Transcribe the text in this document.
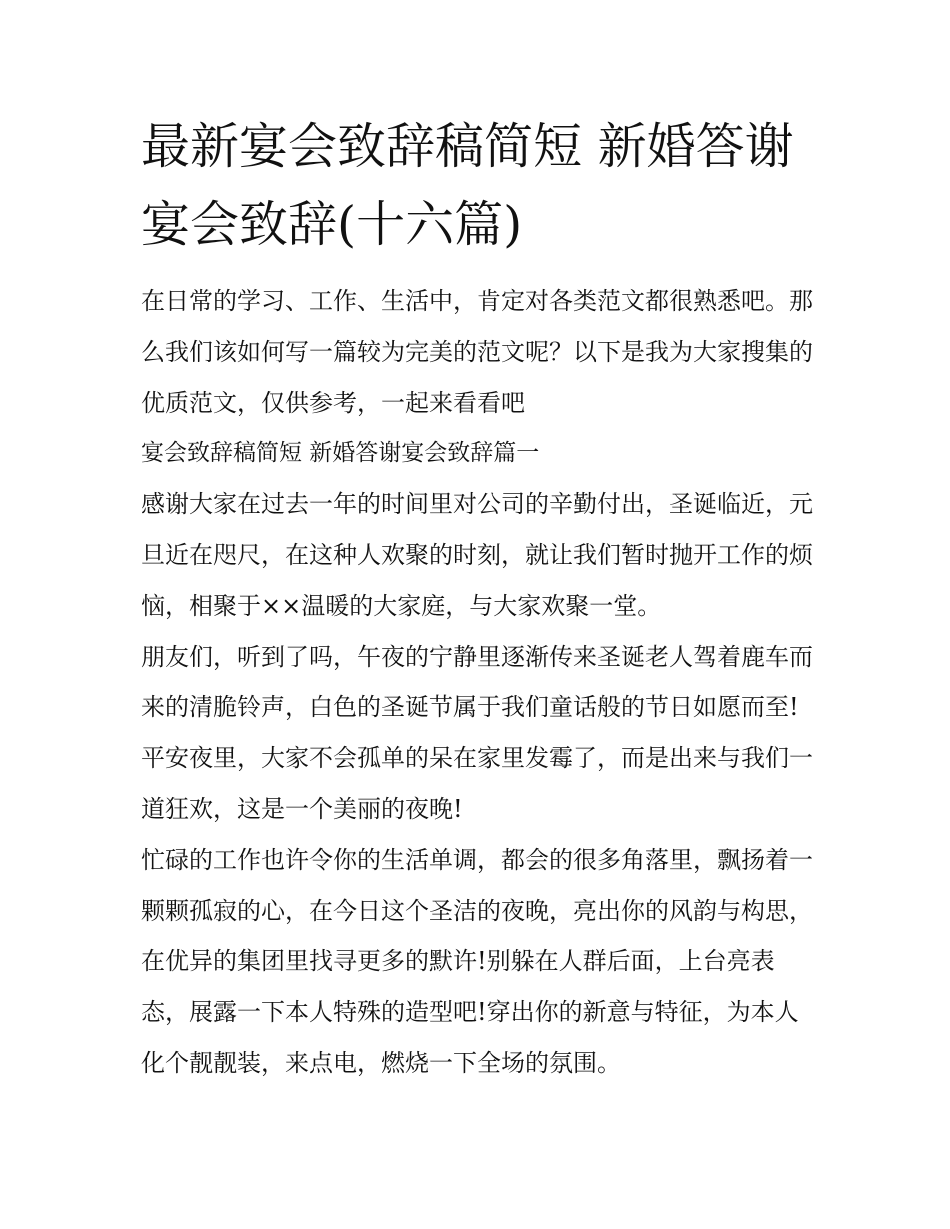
最新宴会致辞稿简短 新婚答谢宴会致辞(十六篇)

在日常的学习、工作、生活中，肯定对各类范文都很熟悉吧。那么我们该如何写一篇较为完美的范文呢？以下是我为大家搜集的优质范文，仅供参考，一起来看看吧

宴会致辞稿简短 新婚答谢宴会致辞篇一

感谢大家在过去一年的时间里对公司的辛勤付出，圣诞临近，元旦近在咫尺，在这种人欢聚的时刻，就让我们暂时抛开工作的烦恼，相聚于××温暖的大家庭，与大家欢聚一堂。

朋友们，听到了吗，午夜的宁静里逐渐传来圣诞老人驾着鹿车而来的清脆铃声，白色的圣诞节属于我们童话般的节日如愿而至!平安夜里，大家不会孤单的呆在家里发霉了，而是出来与我们一道狂欢，这是一个美丽的夜晚!

忙碌的工作也许令你的生活单调，都会的很多角落里，飘扬着一颗颗孤寂的心，在今日这个圣洁的夜晚，亮出你的风韵与构思，在优异的集团里找寻更多的默许!别躲在人群后面，上台亮表态，展露一下本人特殊的造型吧!穿出你的新意与特征，为本人化个靓靓装，来点电，燃烧一下全场的氛围。
